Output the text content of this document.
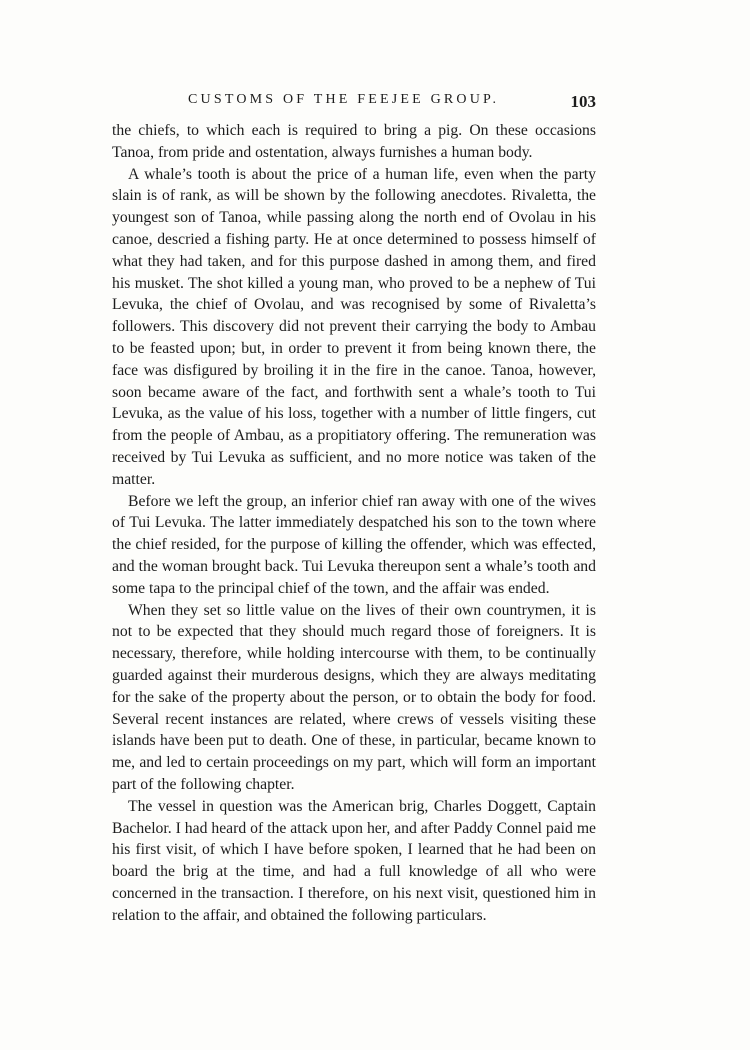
CUSTOMS OF THE FEEJEE GROUP.	103

the chiefs, to which each is required to bring a pig. On these occasions Tanoa, from pride and ostentation, always furnishes a human body.

A whale’s tooth is about the price of a human life, even when the party slain is of rank, as will be shown by the following anecdotes. Rivaletta, the youngest son of Tanoa, while passing along the north end of Ovolau in his canoe, descried a fishing party. He at once determined to possess himself of what they had taken, and for this purpose dashed in among them, and fired his musket. The shot killed a young man, who proved to be a nephew of Tui Levuka, the chief of Ovolau, and was recognised by some of Rivaletta’s followers. This discovery did not prevent their carrying the body to Ambau to be feasted upon; but, in order to prevent it from being known there, the face was disfigured by broiling it in the fire in the canoe. Tanoa, however, soon became aware of the fact, and forthwith sent a whale’s tooth to Tui Levuka, as the value of his loss, together with a number of little fingers, cut from the people of Ambau, as a propitiatory offering. The remuneration was received by Tui Levuka as sufficient, and no more notice was taken of the matter.

Before we left the group, an inferior chief ran away with one of the wives of Tui Levuka. The latter immediately despatched his son to the town where the chief resided, for the purpose of killing the offender, which was effected, and the woman brought back. Tui Levuka thereupon sent a whale’s tooth and some tapa to the principal chief of the town, and the affair was ended.

When they set so little value on the lives of their own countrymen, it is not to be expected that they should much regard those of foreigners. It is necessary, therefore, while holding intercourse with them, to be continually guarded against their murderous designs, which they are always meditating for the sake of the property about the person, or to obtain the body for food. Several recent instances are related, where crews of vessels visiting these islands have been put to death. One of these, in particular, became known to me, and led to certain proceedings on my part, which will form an important part of the following chapter.

The vessel in question was the American brig, Charles Doggett, Captain Bachelor. I had heard of the attack upon her, and after Paddy Connel paid me his first visit, of which I have before spoken, I learned that he had been on board the brig at the time, and had a full knowledge of all who were concerned in the transaction. I therefore, on his next visit, questioned him in relation to the affair, and obtained the following particulars.
